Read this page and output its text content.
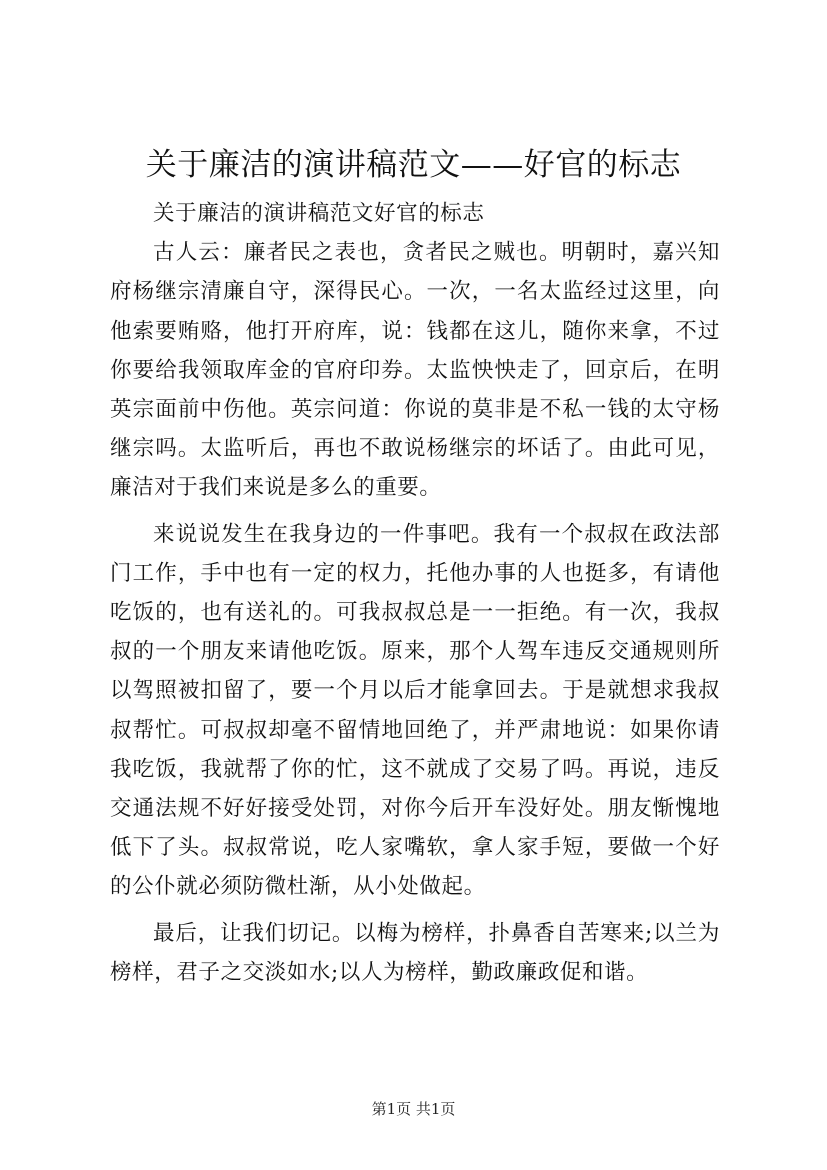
关于廉洁的演讲稿范文——好官的标志

关于廉洁的演讲稿范文好官的标志

古人云：廉者民之表也，贪者民之贼也。明朝时，嘉兴知府杨继宗清廉自守，深得民心。一次，一名太监经过这里，向他索要贿赂，他打开府库，说：钱都在这儿，随你来拿，不过你要给我领取库金的官府印券。太监怏怏走了，回京后，在明英宗面前中伤他。英宗问道：你说的莫非是不私一钱的太守杨继宗吗。太监听后，再也不敢说杨继宗的坏话了。由此可见，廉洁对于我们来说是多么的重要。

来说说发生在我身边的一件事吧。我有一个叔叔在政法部门工作，手中也有一定的权力，托他办事的人也挺多，有请他吃饭的，也有送礼的。可我叔叔总是一一拒绝。有一次，我叔叔的一个朋友来请他吃饭。原来，那个人驾车违反交通规则所以驾照被扣留了，要一个月以后才能拿回去。于是就想求我叔叔帮忙。可叔叔却毫不留情地回绝了，并严肃地说：如果你请我吃饭，我就帮了你的忙，这不就成了交易了吗。再说，违反交通法规不好好接受处罚，对你今后开车没好处。朋友惭愧地低下了头。叔叔常说，吃人家嘴软，拿人家手短，要做一个好的公仆就必须防微杜渐，从小处做起。

最后，让我们切记。以梅为榜样，扑鼻香自苦寒来;以兰为榜样，君子之交淡如水;以人为榜样，勤政廉政促和谐。

第1页 共1页
